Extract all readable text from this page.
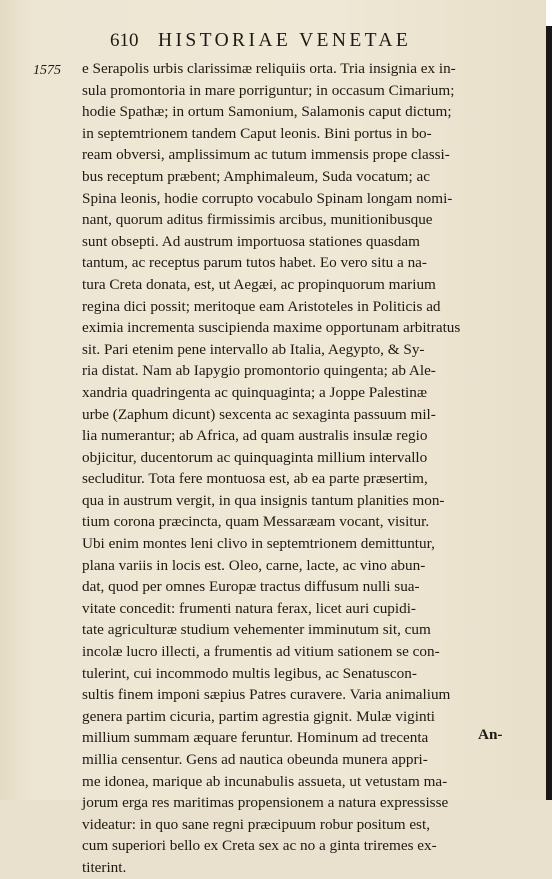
610 HISTORIAE VENETAE
1575 e Serapolis urbis clarissimæ reliquiis orta. Tria insignia ex in-
sula promontoria in mare porriguntur; in occasum Cimarium;
hodie Spathæ; in ortum Samonium, Salamonis caput dictum;
in septemtrionem tandem Caput leonis. Bini portus in bo-
ream obversi, amplissimum ac tutum immensis prope classi-
bus receptum præbent; Amphimaleum, Suda vocatum; ac
Spina leonis, hodie corrupto vocabulo Spinam longam nomi-
nant, quorum aditus firmissimis arcibus, munitionibusque
sunt obsepti. Ad austrum importuosa stationes quasdam
tantum, ac receptus parum tutos habet. Eo vero situ a na-
tura Creta donata, est, ut Aegæi, ac propinquorum marium
regina dici possit; meritoque eam Aristoteles in Politicis ad
eximia incrementa suscipienda maxime opportunam arbitratus
sit. Pari etenim pene intervallo ab Italia, Aegypto, & Sy-
ria distat. Nam ab Iapygio promontorio quingenta; ab Ale-
xandria quadringenta ac quinquaginta; a Joppe Palestinæ
urbe (Zaphum dicunt) sexcenta ac sexaginta passuum mil-
lia numerantur; ab Africa, ad quam australis insulæ regio
objicitur, ducentorum ac quinquaginta millium intervallo
secluditur. Tota fere montuosa est, ab ea parte præsertim,
qua in austrum vergit, in qua insignis tantum planities mon-
tium corona præcincta, quam Messaræam vocant, visitur.
Ubi enim montes leni clivo in septemtrionem demittuntur,
plana variis in locis est. Oleo, carne, lacte, ac vino abun-
dat, quod per omnes Europæ tractus diffusum nulli sua-
vitate concedit: frumenti natura ferax, licet auri cupidi-
tate agriculturæ studium vehementer imminutum sit, cum
incolæ lucro illecti, a frumentis ad vitium sationem se con-
tulerint, cui incommodo multis legibus, ac Senatuscon-
sultis finem imponi sæpius Patres curavere. Varia animalium
genera partim cicuria, partim agrestia gignit. Mulæ viginti
millium summam æquare feruntur. Hominum ad trecenta
millia censentur. Gens ad nautica obeunda munera appri-
me idonea, marique ab incunabulis assueta, ut vetustam ma-
jorum erga res maritimas propensionem a natura expressisse
videatur: in quo sane regni præcipuum robur positum est,
cum superiori bello ex Creta sex ac no a ginta triremes ex-
titerint.
An-
